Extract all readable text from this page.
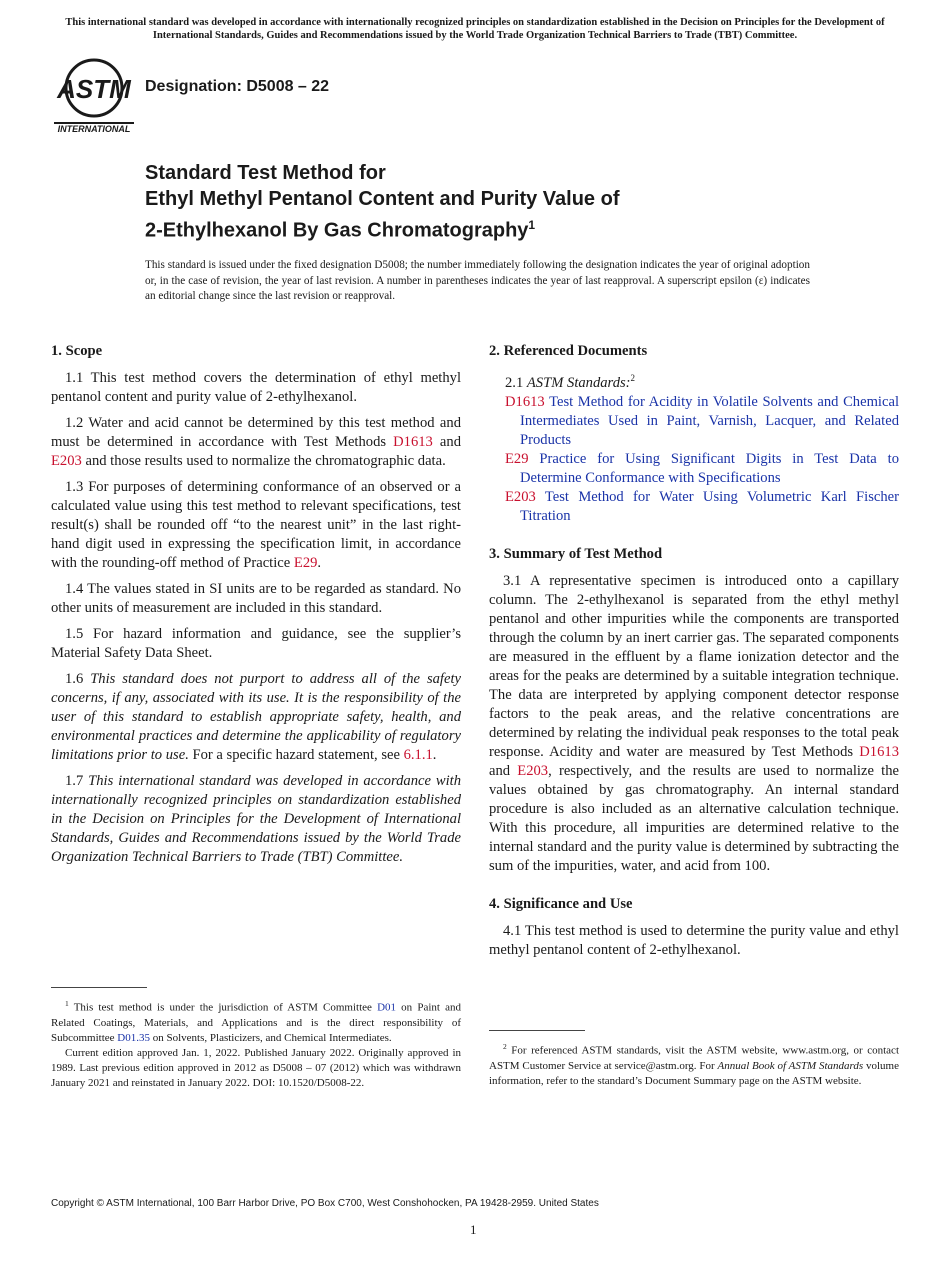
This international standard was developed in accordance with internationally recognized principles on standardization established in the Decision on Principles for the Development of International Standards, Guides and Recommendations issued by the World Trade Organization Technical Barriers to Trade (TBT) Committee.
ASTM
INTERNATIONAL
Designation: D5008 – 22
Standard Test Method for
Ethyl Methyl Pentanol Content and Purity Value of
2-Ethylhexanol By Gas Chromatography$^1$
This standard is issued under the fixed designation D5008; the number immediately following the designation indicates the year of original adoption or, in the case of revision, the year of last revision. A number in parentheses indicates the year of last reapproval. A superscript epsilon (ε) indicates an editorial change since the last revision or reapproval.
1. Scope

1.1 This test method covers the determination of ethyl methyl pentanol content and purity value of 2-ethylhexanol.

1.2 Water and acid cannot be determined by this test method and must be determined in accordance with Test Methods D1613 and E203 and those results used to normalize the chromatographic data.

1.3 For purposes of determining conformance of an observed or a calculated value using this test method to relevant specifications, test result(s) shall be rounded off “to the nearest unit” in the last right-hand digit used in expressing the specification limit, in accordance with the rounding-off method of Practice E29.

1.4 The values stated in SI units are to be regarded as standard. No other units of measurement are included in this standard.

1.5 For hazard information and guidance, see the supplier’s Material Safety Data Sheet.

1.6 This standard does not purport to address all of the safety concerns, if any, associated with its use. It is the responsibility of the user of this standard to establish appropriate safety, health, and environmental practices and determine the applicability of regulatory limitations prior to use. For a specific hazard statement, see 6.1.1.

1.7 This international standard was developed in accordance with internationally recognized principles on standardization established in the Decision on Principles for the Development of International Standards, Guides and Recommendations issued by the World Trade Organization Technical Barriers to Trade (TBT) Committee.

2. Referenced Documents
2.1 ASTM Standards:$^2$
D1613 Test Method for Acidity in Volatile Solvents and Chemical Intermediates Used in Paint, Varnish, Lacquer, and Related Products
E29 Practice for Using Significant Digits in Test Data to Determine Conformance with Specifications
E203 Test Method for Water Using Volumetric Karl Fischer Titration
3. Summary of Test Method

3.1 A representative specimen is introduced onto a capillary column. The 2-ethylhexanol is separated from the ethyl methyl pentanol and other impurities while the components are transported through the column by an inert carrier gas. The separated components are measured in the effluent by a flame ionization detector and the areas for the peaks are determined by a suitable integration technique. The data are interpreted by applying component detector response factors to the peak areas, and the relative concentrations are determined by relating the individual peak responses to the total peak response. Acidity and water are measured by Test Methods D1613 and E203, respectively, and the results are used to normalize the values obtained by gas chromatography. An internal standard procedure is also included as an alternative calculation technique. With this procedure, all impurities are determined relative to the internal standard and the purity value is determined by subtracting the sum of the impurities, water, and acid from 100.

4. Significance and Use

4.1 This test method is used to determine the purity value and ethyl methyl pentanol content of 2-ethylhexanol.

$^1$ This test method is under the jurisdiction of ASTM Committee D01 on Paint and Related Coatings, Materials, and Applications and is the direct responsibility of Subcommittee D01.35 on Solvents, Plasticizers, and Chemical Intermediates.

Current edition approved Jan. 1, 2022. Published January 2022. Originally approved in 1989. Last previous edition approved in 2012 as D5008 – 07 (2012) which was withdrawn January 2021 and reinstated in January 2022. DOI: 10.1520/D5008-22.

$^2$ For referenced ASTM standards, visit the ASTM website, www.astm.org, or contact ASTM Customer Service at service@astm.org. For Annual Book of ASTM Standards volume information, refer to the standard’s Document Summary page on the ASTM website.

Copyright © ASTM International, 100 Barr Harbor Drive, PO Box C700, West Conshohocken, PA 19428-2959. United States
1
